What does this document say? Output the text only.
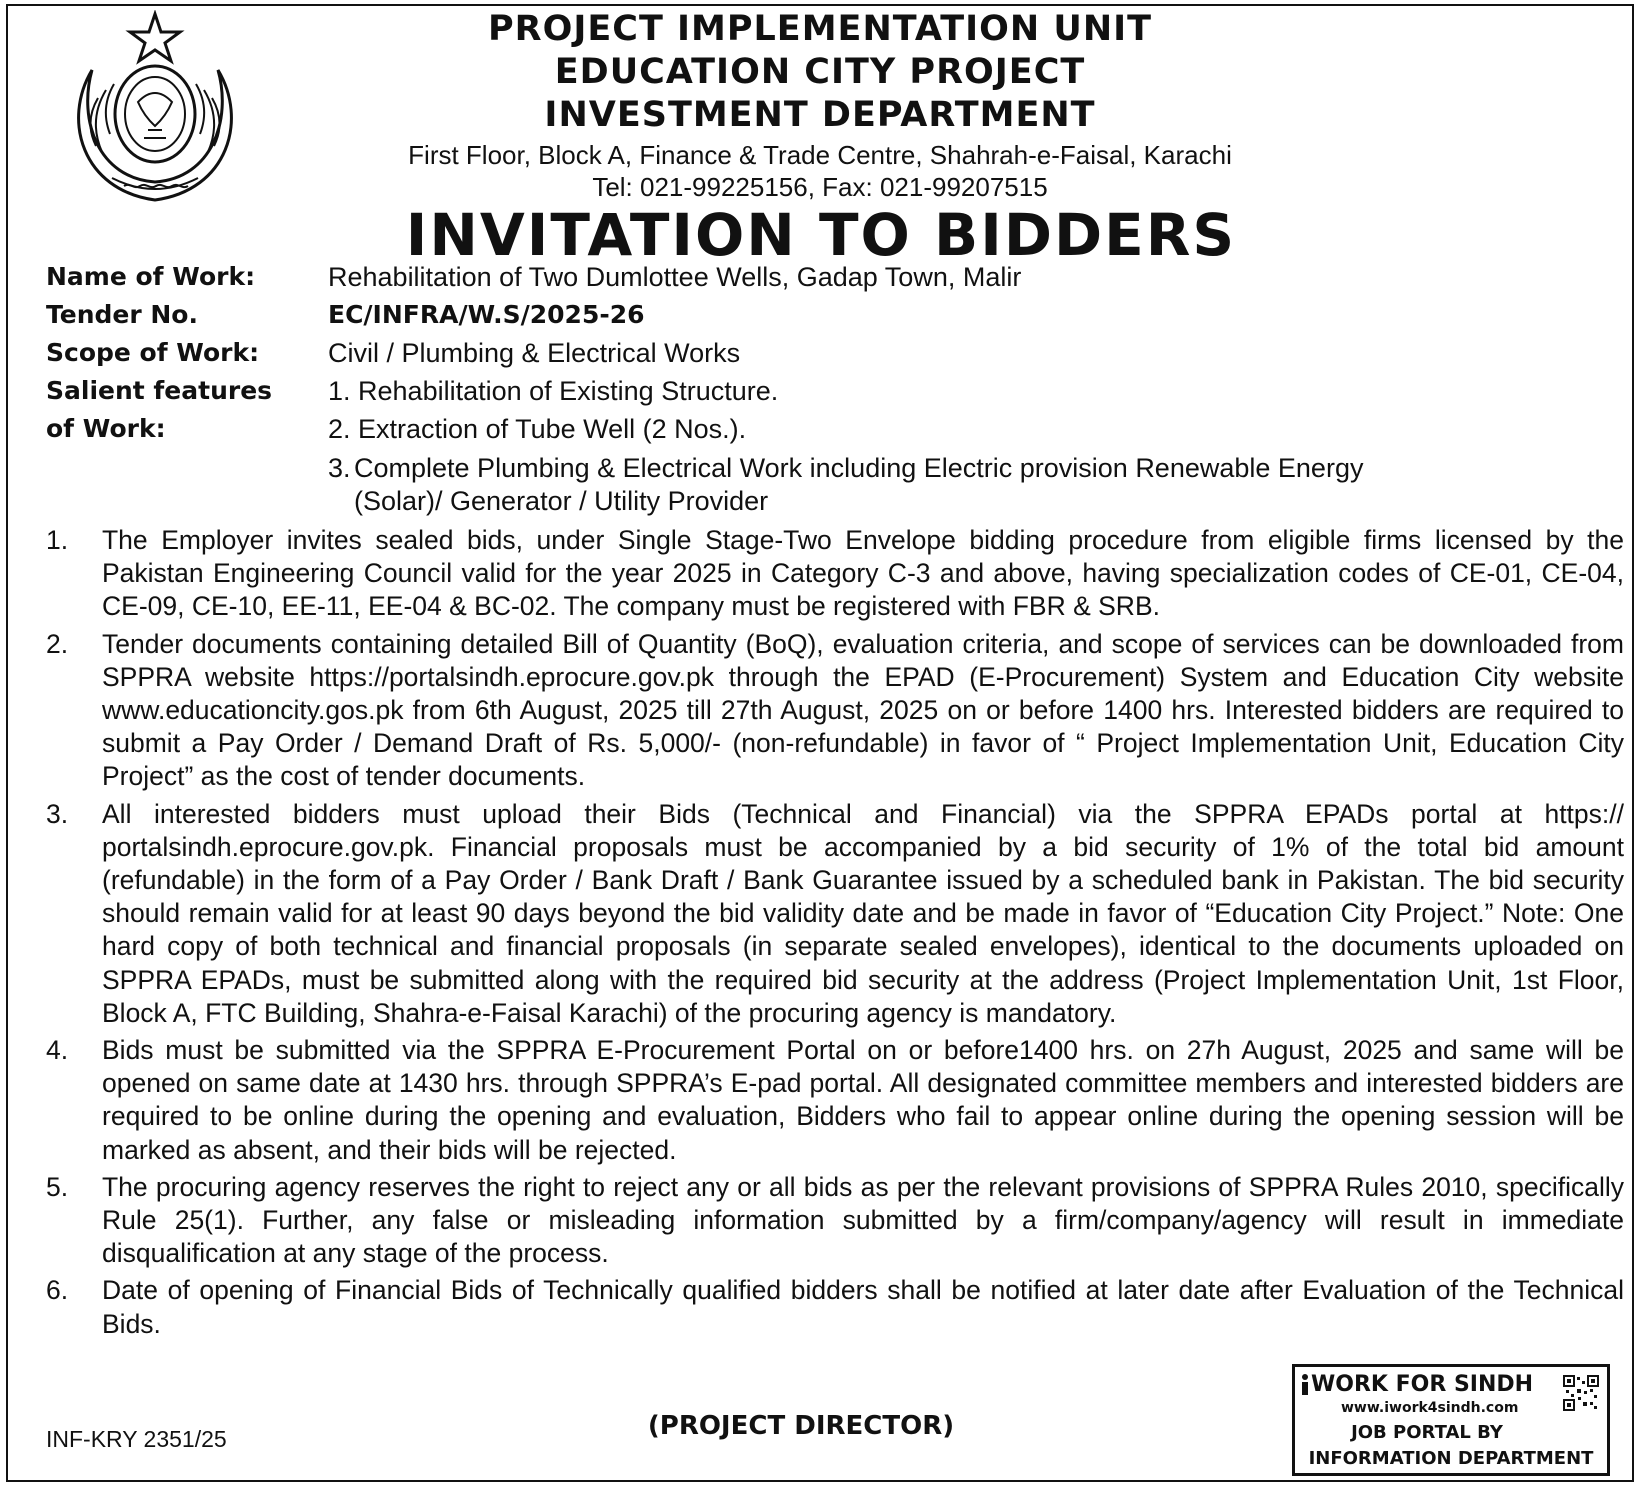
PROJECT IMPLEMENTATION UNIT
EDUCATION CITY PROJECT
INVESTMENT DEPARTMENT
First Floor, Block A, Finance & Trade Centre, Shahrah-e-Faisal, Karachi
Tel: 021-99225156, Fax: 021-99207515
INVITATION TO BIDDERS
Name of Work:	Rehabilitation of Two Dumlottee Wells, Gadap Town, Malir
Tender No.	EC/INFRA/W.S/2025-26
Scope of Work:	Civil / Plumbing & Electrical Works
Salient features
of Work:
1. Rehabilitation of Existing Structure.
2. Extraction of Tube Well (2 Nos.).
3. Complete Plumbing & Electrical Work including Electric provision Renewable Energy
(Solar)/ Generator / Utility Provider
1. The Employer invites sealed bids, under Single Stage-Two Envelope bidding procedure from eligible firms licensed by the Pakistan Engineering Council valid for the year 2025 in Category C-3 and above, having specialization codes of CE-01, CE-04, CE-09, CE-10, EE-11, EE-04 & BC-02. The company must be registered with FBR & SRB.
2. Tender documents containing detailed Bill of Quantity (BoQ), evaluation criteria, and scope of services can be downloaded from SPPRA website https://portalsindh.eprocure.gov.pk through the EPAD (E-Procurement) System and Education City website www.educationcity.gos.pk from 6th August, 2025 till 27th August, 2025 on or before 1400 hrs. Interested bidders are required to submit a Pay Order / Demand Draft of Rs. 5,000/- (non-refundable) in favor of “ Project Implementation Unit, Education City Project” as the cost of tender documents.
3. All interested bidders must upload their Bids (Technical and Financial) via the SPPRA EPADs portal at https:// portalsindh.eprocure.gov.pk. Financial proposals must be accompanied by a bid security of 1% of the total bid amount (refundable) in the form of a Pay Order / Bank Draft / Bank Guarantee issued by a scheduled bank in Pakistan. The bid security should remain valid for at least 90 days beyond the bid validity date and be made in favor of “Education City Project.” Note: One hard copy of both technical and financial proposals (in separate sealed envelopes), identical to the documents uploaded on SPPRA EPADs, must be submitted along with the required bid security at the address (Project Implementation Unit, 1st Floor, Block A, FTC Building, Shahra-e-Faisal Karachi) of the procuring agency is mandatory.
4. Bids must be submitted via the SPPRA E-Procurement Portal on or before1400 hrs. on 27h August, 2025 and same will be opened on same date at 1430 hrs. through SPPRA’s E-pad portal. All designated committee members and interested bidders are required to be online during the opening and evaluation, Bidders who fail to appear online during the opening session will be marked as absent, and their bids will be rejected.
5. The procuring agency reserves the right to reject any or all bids as per the relevant provisions of SPPRA Rules 2010, specifically Rule 25(1). Further, any false or misleading information submitted by a firm/company/agency will result in immediate disqualification at any stage of the process.
6. Date of opening of Financial Bids of Technically qualified bidders shall be notified at later date after Evaluation of the Technical Bids.
INF-KRY 2351/25	(PROJECT DIRECTOR)
WORK FOR SINDH
www.iwork4sindh.com
JOB PORTAL BY
INFORMATION DEPARTMENT
